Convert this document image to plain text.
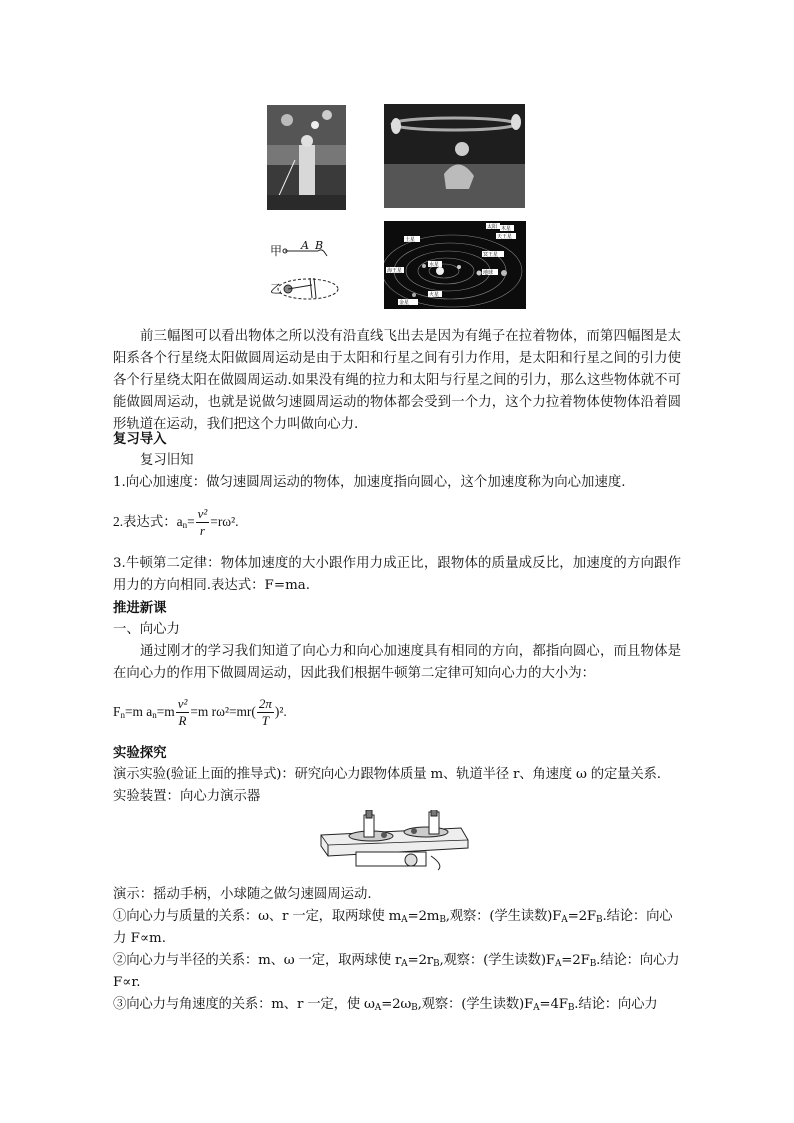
甲 A B
乙
太阳 木星
天王星
土星
冥王星
海王星	地球
水星
火星
金星
前三幅图可以看出物体之所以没有沿直线飞出去是因为有绳子在拉着物体，而第四幅图是太阳系各个行星绕太阳做圆周运动是由于太阳和行星之间有引力作用，是太阳和行星之间的引力使各个行星绕太阳在做圆周运动.如果没有绳的拉力和太阳与行星之间的引力，那么这些物体就不可能做圆周运动，也就是说做匀速圆周运动的物体都会受到一个力，这个力拉着物体使物体沿着圆形轨道在运动，我们把这个力叫做向心力.
复习导入
复习旧知
1.向心加速度：做匀速圆周运动的物体，加速度指向圆心，这个加速度称为向心加速度.
2.表达式：$a_n= \frac{\text{v²}}{r} =r\omega^2$.
3.牛顿第二定律：物体加速度的大小跟作用力成正比，跟物体的质量成反比，加速度的方向跟作用力的方向相同.表达式：F=ma.
推进新课
一、向心力
通过刚才的学习我们知道了向心力和向心加速度具有相同的方向，都指向圆心，而且物体是在向心力的作用下做圆周运动，因此我们根据牛顿第二定律可知向心力的大小为：
$F_n=m$ $a_n=m \frac{\text{v²}}{R} =m$ $r\omega^2=mr( \frac{2\pi}{T} )^2$.
实验探究
演示实验(验证上面的推导式)：研究向心力跟物体质量 m、轨道半径 r、角速度 ω 的定量关系.
实验装置：向心力演示器
演示：摇动手柄，小球随之做匀速圆周运动.
①向心力与质量的关系：ω、r 一定，取两球使 $m_A=2m_B$,观察：(学生读数)$F_A=2F_B$.结论：向心
力 F∝m.
②向心力与半径的关系：m、ω 一定，取两球使 $r_A=2r_B$,观察：(学生读数)$F_A=2F_B$.结论：向心力
F∝r.
③向心力与角速度的关系：m、r 一定，使 $\omega_A=2\omega_B$,观察：(学生读数)$F_A=4F_B$.结论：向心力
